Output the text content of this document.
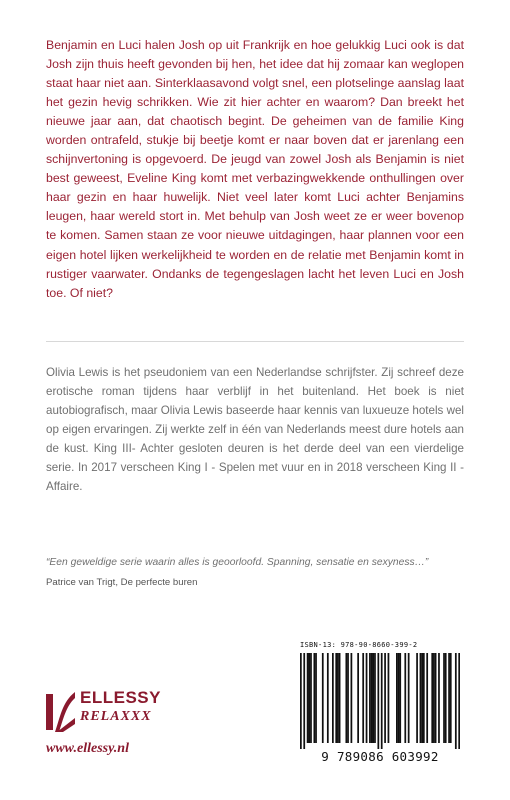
Benjamin en Luci halen Josh op uit Frankrijk en hoe gelukkig Luci ook is dat Josh zijn thuis heeft gevonden bij hen, het idee dat hij zomaar kan weglopen staat haar niet aan. Sinterklaasavond volgt snel, een plotselinge aanslag laat het gezin hevig schrikken. Wie zit hier achter en waarom? Dan breekt het nieuwe jaar aan, dat chaotisch begint. De geheimen van de familie King worden ontrafeld, stukje bij beetje komt er naar boven dat er jarenlang een schijnvertoning is opgevoerd. De jeugd van zowel Josh als Benjamin is niet best geweest, Eveline King komt met verbazingwekkende onthullingen over haar gezin en haar huwelijk. Niet veel later komt Luci achter Benjamins leugen, haar wereld stort in. Met behulp van Josh weet ze er weer bovenop te komen. Samen staan ze voor nieuwe uitdagingen, haar plannen voor een eigen hotel lijken werkelijkheid te worden en de relatie met Benjamin komt in rustiger vaarwater. Ondanks de tegengeslagen lacht het leven Luci en Josh toe. Of niet?

Olivia Lewis is het pseudoniem van een Nederlandse schrijfster. Zij schreef deze erotische roman tijdens haar verblijf in het buitenland. Het boek is niet autobiografisch, maar Olivia Lewis baseerde haar kennis van luxueuze hotels wel op eigen ervaringen. Zij werkte zelf in één van Nederlands meest dure hotels aan de kust. King III- Achter gesloten deuren is het derde deel van een vierdelige serie. In 2017 verscheen King I - Spelen met vuur en in 2018 verscheen King II - Affaire.

“Een geweldige serie waarin alles is geoorloofd. Spanning, sensatie en sexyness…”

Patrice van Trigt, De perfecte buren

ELLESSY
RELAXXX
www.ellessy.nl
ISBN-13: 978-90-8660-399-2
9 789086 603992
